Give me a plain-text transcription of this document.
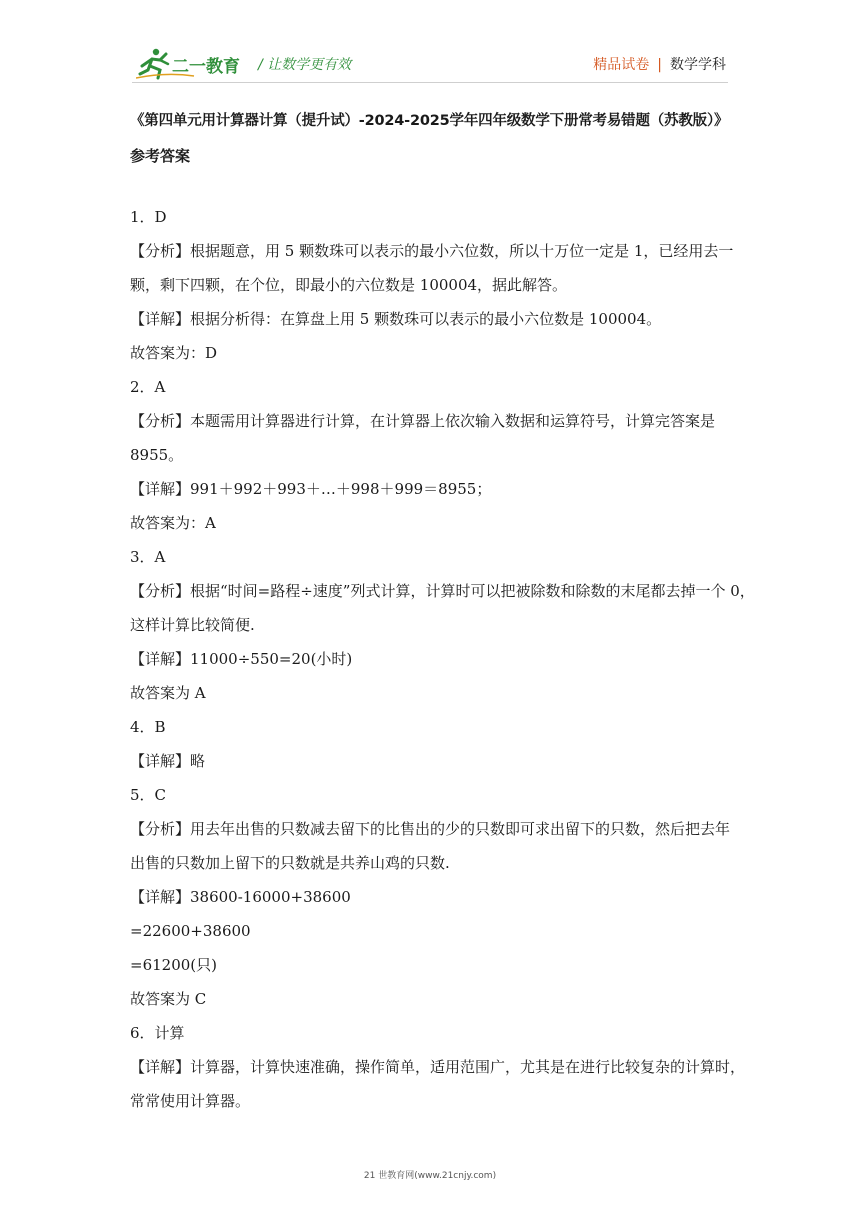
二一教育 / 让数学更有效	精品试卷 | 数学学科
《第四单元用计算器计算（提升试）-2024-2025学年四年级数学下册常考易错题（苏教版）》
参考答案
1．D
【分析】根据题意，用 5 颗数珠可以表示的最小六位数，所以十万位一定是 1，已经用去一
颗，剩下四颗，在个位，即最小的六位数是 100004，据此解答。
【详解】根据分析得：在算盘上用 5 颗数珠可以表示的最小六位数是 100004。
故答案为：D
2．A
【分析】本题需用计算器进行计算，在计算器上依次输入数据和运算符号，计算完答案是
8955。
【详解】991＋992＋993＋…＋998＋999＝8955；
故答案为：A
3．A
【分析】根据“时间=路程÷速度”列式计算，计算时可以把被除数和除数的末尾都去掉一个 0，
这样计算比较简便.
【详解】11000÷550=20(小时)
故答案为 A
4．B
【详解】略
5．C
【分析】用去年出售的只数减去留下的比售出的少的只数即可求出留下的只数，然后把去年
出售的只数加上留下的只数就是共养山鸡的只数.
【详解】38600-16000+38600
=22600+38600
=61200(只)
故答案为 C
6．计算
【详解】计算器，计算快速准确，操作简单，适用范围广，尤其是在进行比较复杂的计算时，
常常使用计算器。
21 世教育网(www.21cnjy.com)
